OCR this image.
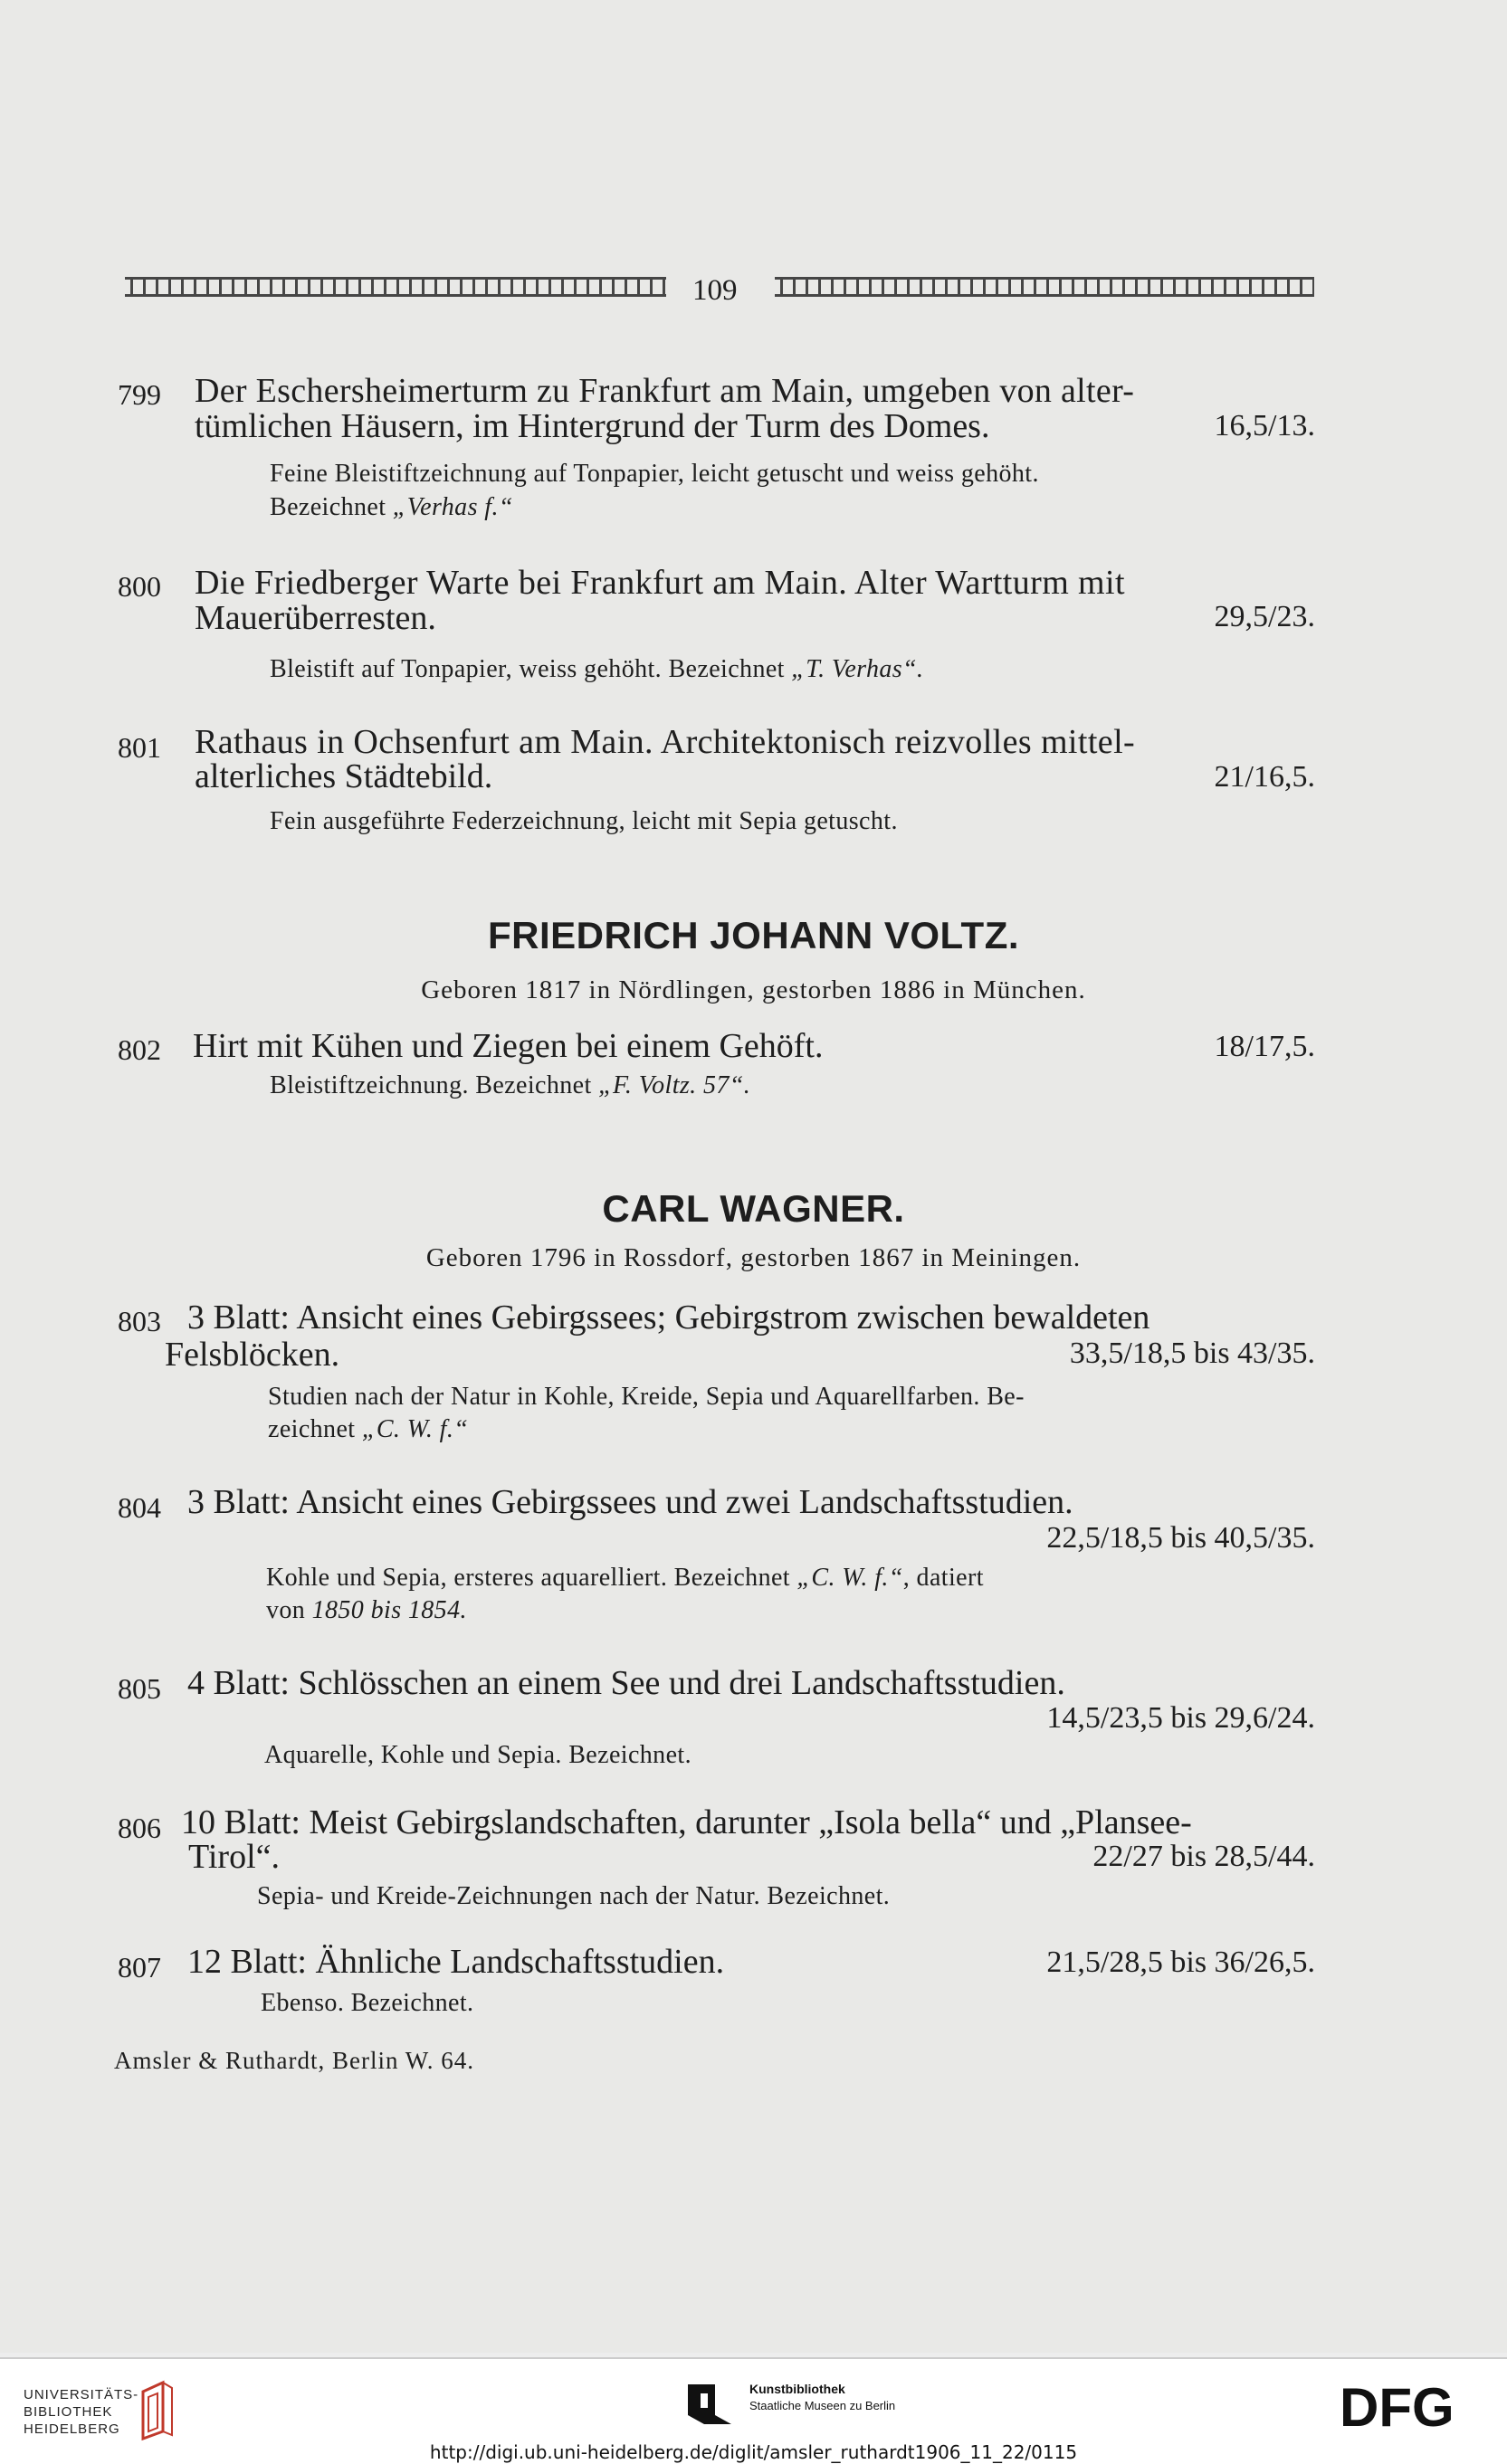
109
799 Der Eschersheimerturm zu Frankfurt am Main, umgeben von alter-
tümlichen Häusern, im Hintergrund der Turm des Domes.	16,5/13.
Feine Bleistiftzeichnung auf Tonpapier, leicht getuscht und weiss gehöht.
Bezeichnet „Verhas f.“
800 Die Friedberger Warte bei Frankfurt am Main. Alter Wartturm mit
Mauerüberresten.	29,5/23.
Bleistift auf Tonpapier, weiss gehöht. Bezeichnet „T. Verhas“.
801 Rathaus in Ochsenfurt am Main. Architektonisch reizvolles mittel-
alterliches Städtebild.	21/16,5.
Fein ausgeführte Federzeichnung, leicht mit Sepia getuscht.
FRIEDRICH JOHANN VOLTZ.
Geboren 1817 in Nördlingen, gestorben 1886 in München.
802 Hirt mit Kühen und Ziegen bei einem Gehöft.	18/17,5.
Bleistiftzeichnung. Bezeichnet „F. Voltz. 57“.
CARL WAGNER.
Geboren 1796 in Rossdorf, gestorben 1867 in Meiningen.
803 3 Blatt: Ansicht eines Gebirgssees; Gebirgstrom zwischen bewaldeten
Felsblöcken.	33,5/18,5 bis 43/35.
Studien nach der Natur in Kohle, Kreide, Sepia und Aquarellfarben. Be-
zeichnet „C. W. f.“
804 3 Blatt: Ansicht eines Gebirgssees und zwei Landschaftsstudien.
22,5/18,5 bis 40,5/35.
Kohle und Sepia, ersteres aquarelliert. Bezeichnet „C. W. f.“, datiert
von 1850 bis 1854.
805 4 Blatt: Schlösschen an einem See und drei Landschaftsstudien.
14,5/23,5 bis 29,6/24.
Aquarelle, Kohle und Sepia. Bezeichnet.
806 10 Blatt: Meist Gebirgslandschaften, darunter „Isola bella“ und „Plansee-
Tirol“.	22/27 bis 28,5/44.
Sepia- und Kreide-Zeichnungen nach der Natur. Bezeichnet.
807 12 Blatt: Ähnliche Landschaftsstudien.	21,5/28,5 bis 36/26,5.
Ebenso. Bezeichnet.
Amsler & Ruthardt, Berlin W. 64.
UNIVERSITÄTS-
BIBLIOTHEK
HEIDELBERG
Kunstbibliothek
Staatliche Museen zu Berlin	DFG
http://digi.ub.uni-heidelberg.de/diglit/amsler_ruthardt1906_11_22/0115
